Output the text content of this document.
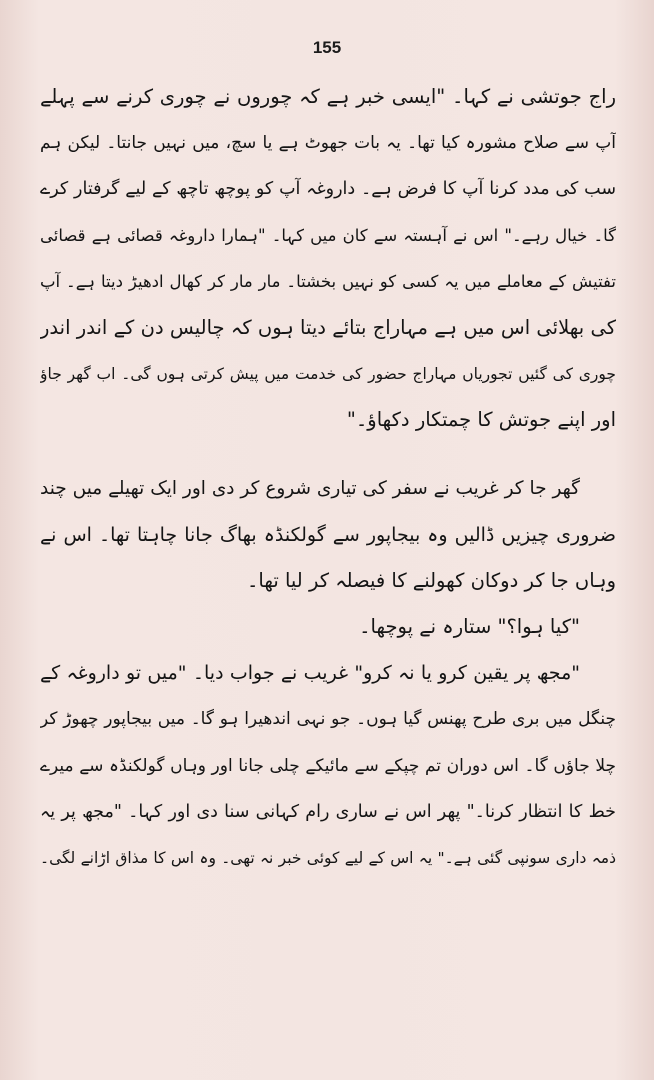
155
راج جوتشی نے کہا۔ "ایسی خبر ہے کہ چوروں نے چوری کرنے سے پہلے
آپ سے صلاح مشورہ کیا تھا۔ یہ بات جھوٹ ہے یا سچ، میں نہیں جانتا۔ لیکن ہم
سب کی مدد کرنا آپ کا فرض ہے۔ داروغہ آپ کو پوچھ تاچھ کے لیے گرفتار کرے
گا۔ خیال رہے۔" اس نے آہستہ سے کان میں کہا۔ "ہمارا داروغہ قصائی ہے قصائی
تفتیش کے معاملے میں یہ کسی کو نہیں بخشتا۔ مار مار کر کھال ادھیڑ دیتا ہے۔ آپ
کی بھلائی اس میں ہے مہاراج بتائے دیتا ہوں کہ چالیس دن کے اندر اندر
چوری کی گئیں تجوریاں مہاراج حضور کی خدمت میں پیش کرتی ہوں گی۔ اب گھر جاؤ
اور اپنے جوتش کا چمتکار دکھاؤ۔"
گھر جا کر غریب نے سفر کی تیاری شروع کر دی اور ایک تھیلے میں چند
ضروری چیزیں ڈالیں وہ بیجاپور سے گولکنڈہ بھاگ جانا چاہتا تھا۔ اس نے
وہاں جا کر دوکان کھولنے کا فیصلہ کر لیا تھا۔
"کیا ہوا؟" ستارہ نے پوچھا۔
"مجھ پر یقین کرو یا نہ کرو" غریب نے جواب دیا۔ "میں تو داروغہ کے
چنگل میں بری طرح پھنس گیا ہوں۔ جو نہی اندھیرا ہو گا۔ میں بیجاپور چھوڑ کر
چلا جاؤں گا۔ اس دوران تم چپکے سے مائیکے چلی جانا اور وہاں گولکنڈہ سے میرے
خط کا انتظار کرنا۔" پھر اس نے ساری رام کہانی سنا دی اور کہا۔ "مجھ پر یہ
ذمہ داری سونپی گئی ہے۔" یہ اس کے لیے کوئی خبر نہ تھی۔ وہ اس کا مذاق اڑانے لگی۔
